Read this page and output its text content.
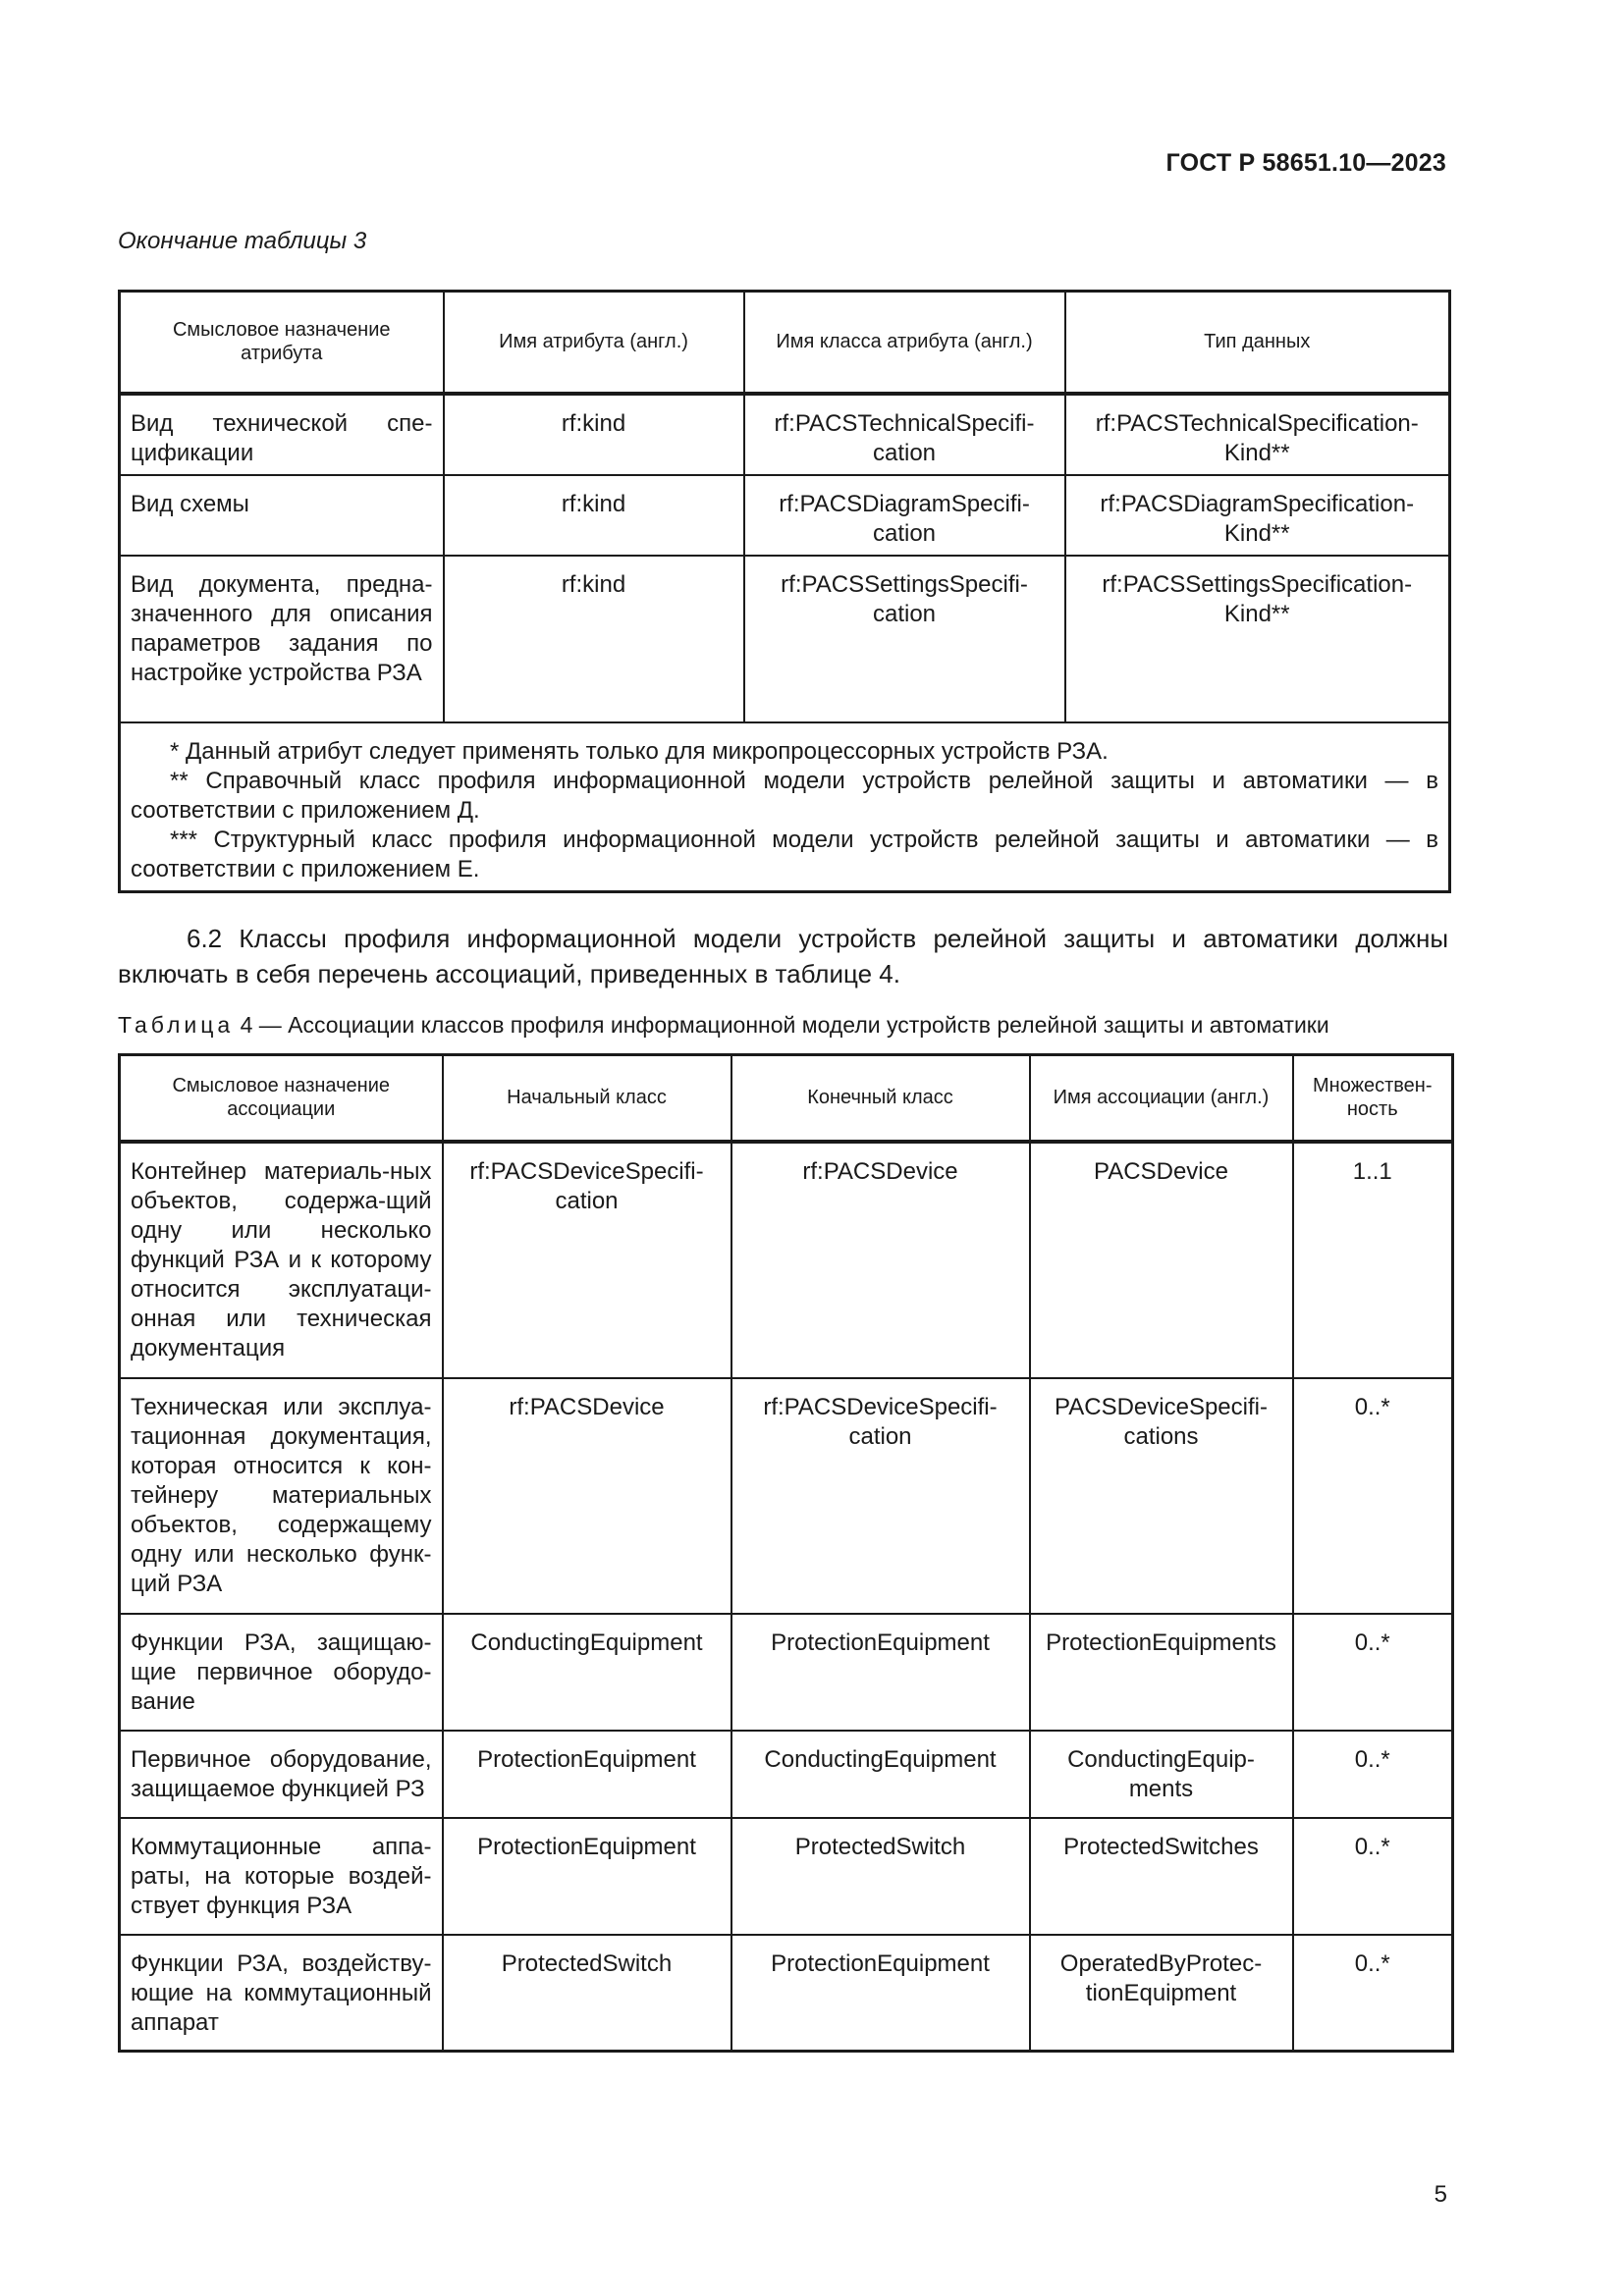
ГОСТ Р 58651.10—2023
Окончание таблицы 3
Смысловое назначение атрибута	Имя атрибута (англ.)	Имя класса атрибута (англ.)	Тип данных
Вид технической спе-цификации	rf:kind	rf:PACSTechnicalSpecifi-cation	rf:PACSTechnicalSpecification-Kind**
Вид схемы	rf:kind	rf:PACSDiagramSpecifi-cation	rf:PACSDiagramSpecification-Kind**
Вид документа, предна-значенного для описания параметров задания по настройке устройства РЗА	rf:kind	rf:PACSSettingsSpecifi-cation	rf:PACSSettingsSpecification-Kind**

* Данный атрибут следует применять только для микропроцессорных устройств РЗА.
** Справочный класс профиля информационной модели устройств релейной защиты и автоматики — в соответствии с приложением Д.
*** Структурный класс профиля информационной модели устройств релейной защиты и автоматики — в соответствии с приложением Е.			
6.2 Классы профиля информационной модели устройств релейной защиты и автоматики должны включать в себя перечень ассоциаций, приведенных в таблице 4.
Таблица 4 — Ассоциации классов профиля информационной модели устройств релейной защиты и автоматики
Смысловое назначение ассоциации	Начальный класс	Конечный класс	Имя ассоциации (англ.)	Множествен-ность
Контейнер материаль-ных объектов, содержа-щий одну или несколько функций РЗА и к которому относится эксплуатаци-онная или техническая документация	rf:PACSDeviceSpecifi-cation	rf:PACSDevice	PACSDevice	1..1
Техническая или эксплуа-тационная документация, которая относится к кон-тейнеру материальных объектов, содержащему одну или несколько функ-ций РЗА	rf:PACSDevice	rf:PACSDeviceSpecifi-cation	PACSDeviceSpecifi-cations	0..*
Функции РЗА, защищаю-щие первичное оборудо-вание	ConductingEquipment	ProtectionEquipment	ProtectionEquipments	0..*
Первичное оборудование, защищаемое функцией РЗ	ProtectionEquipment	ConductingEquipment	ConductingEquip-ments	0..*
Коммутационные аппа-раты, на которые воздей-ствует функция РЗА	ProtectionEquipment	ProtectedSwitch	ProtectedSwitches	0..*
Функции РЗА, воздейству-ющие на коммутационный аппарат	ProtectedSwitch	ProtectionEquipment	OperatedByProtec-tionEquipment	0..*
5
